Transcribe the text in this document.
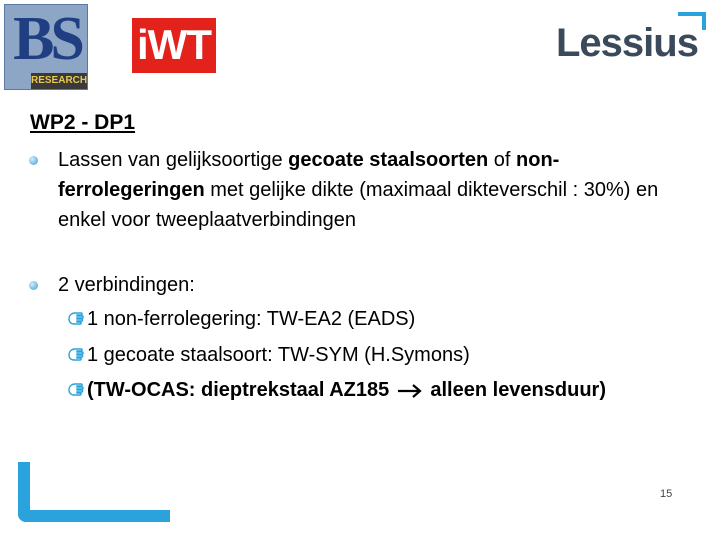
BS
RESEARCH
iWT	Lessius
WP2 - DP1
Lassen van gelijksoortige gecoate staalsoorten of non-ferrolegeringen met gelijke dikte (maximaal dikteverschil : 30%) en enkel voor tweeplaatverbindingen
2 verbindingen:
1 non-ferrolegering: TW-EA2 (EADS)
1 gecoate staalsoort: TW-SYM (H.Symons)
(TW-OCAS: dieptrekstaal AZ185 alleen levensduur)
15
